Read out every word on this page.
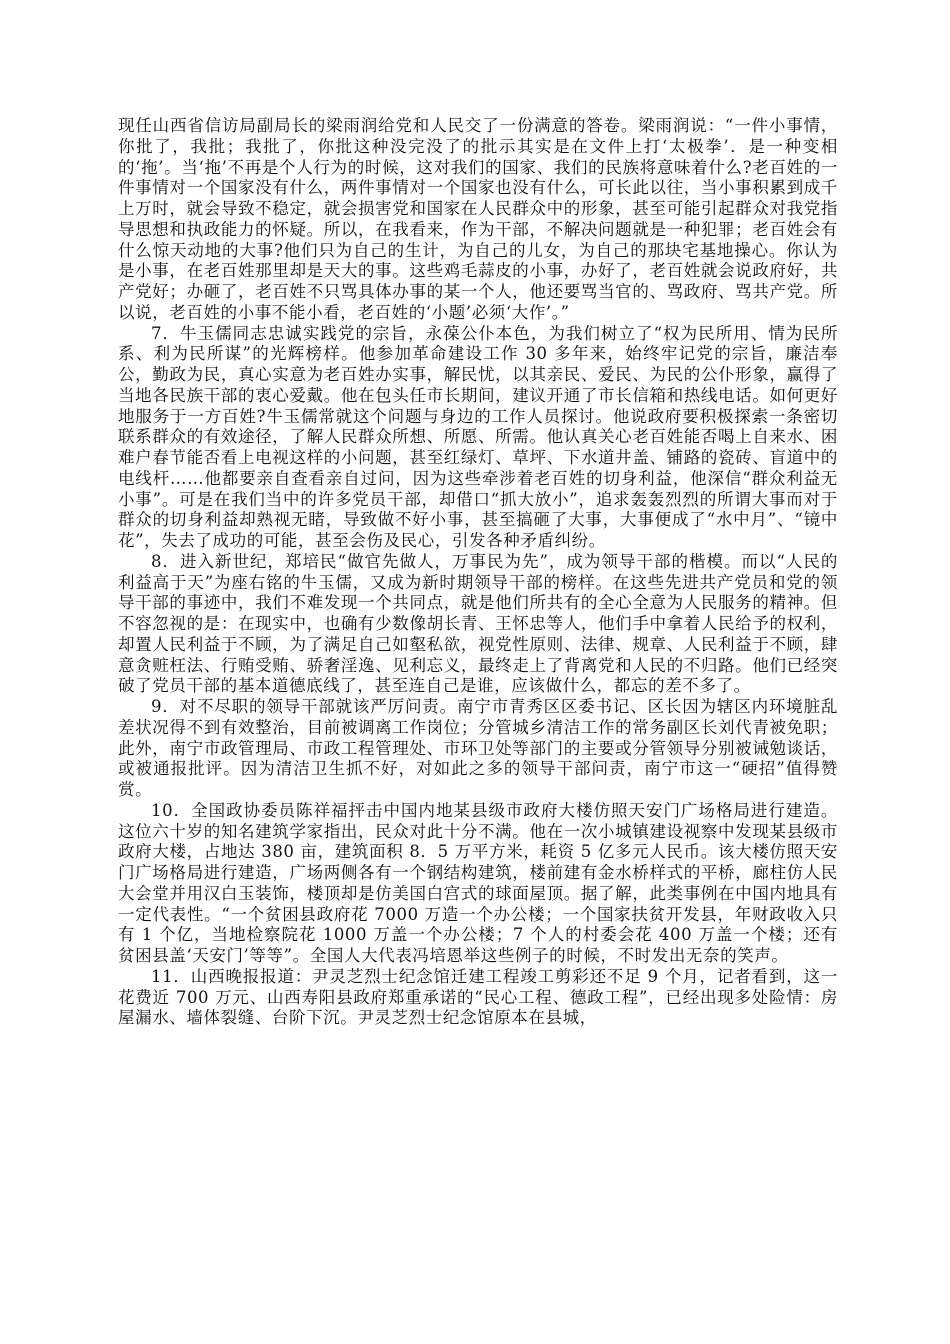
现任山西省信访局副局长的梁雨润给党和人民交了一份满意的答卷。梁雨润说：“一件小事情，你批了，我批；我批了，你批这种没完没了的批示其实是在文件上打‘太极拳’．是一种变相的‘拖’。当‘拖’不再是个人行为的时候，这对我们的国家、我们的民族将意味着什么?老百姓的一件事情对一个国家没有什么，两件事情对一个国家也没有什么，可长此以往，当小事积累到成千上万时，就会导致不稳定，就会损害党和国家在人民群众中的形象，甚至可能引起群众对我党指导思想和执政能力的怀疑。所以，在我看来，作为干部，不解决问题就是一种犯罪；老百姓会有什么惊天动地的大事?他们只为自己的生计，为自己的儿女，为自己的那块宅基地操心。你认为是小事，在老百姓那里却是天大的事。这些鸡毛蒜皮的小事，办好了，老百姓就会说政府好，共产党好；办砸了，老百姓不只骂具体办事的某一个人，他还要骂当官的、骂政府、骂共产党。所以说，老百姓的小事不能小看，老百姓的‘小题’必须‘大作’。”

7．牛玉儒同志忠诚实践党的宗旨，永葆公仆本色，为我们树立了“权为民所用、情为民所系、利为民所谋”的光辉榜样。他参加革命建设工作 30 多年来，始终牢记党的宗旨，廉洁奉公，勤政为民，真心实意为老百姓办实事，解民忧，以其亲民、爱民、为民的公仆形象，赢得了当地各民族干部的衷心爱戴。他在包头任市长期间，建议开通了市长信箱和热线电话。如何更好地服务于一方百姓?牛玉儒常就这个问题与身边的工作人员探讨。他说政府要积极探索一条密切联系群众的有效途径，了解人民群众所想、所愿、所需。他认真关心老百姓能否喝上自来水、困难户春节能否看上电视这样的小问题，甚至红绿灯、草坪、下水道井盖、铺路的瓷砖、盲道中的电线杆……他都要亲自查看亲自过问，因为这些牵涉着老百姓的切身利益，他深信“群众利益无小事”。可是在我们当中的许多党员干部，却借口“抓大放小”，追求轰轰烈烈的所谓大事而对于群众的切身利益却熟视无睹，导致做不好小事，甚至搞砸了大事，大事便成了“水中月”、“镜中花”，失去了成功的可能，甚至会伤及民心，引发各种矛盾纠纷。

8．进入新世纪，郑培民“做官先做人，万事民为先”，成为领导干部的楷模。而以“人民的利益高于天”为座右铭的牛玉儒，又成为新时期领导干部的榜样。在这些先进共产党员和党的领导干部的事迹中，我们不难发现一个共同点，就是他们所共有的全心全意为人民服务的精神。但不容忽视的是：在现实中，也确有少数像胡长青、王怀忠等人，他们手中拿着人民给予的权利，却置人民利益于不顾，为了满足自己如壑私欲，视党性原则、法律、规章、人民利益于不顾，肆意贪赃枉法、行贿受贿、骄奢淫逸、见利忘义，最终走上了背离党和人民的不归路。他们已经突破了党员干部的基本道德底线了，甚至连自己是谁，应该做什么，都忘的差不多了。

9．对不尽职的领导干部就该严厉问责。南宁市青秀区区委书记、区长因为辖区内环境脏乱差状况得不到有效整治，目前被调离工作岗位；分管城乡清洁工作的常务副区长刘代青被免职；此外，南宁市政管理局、市政工程管理处、市环卫处等部门的主要或分管领导分别被诫勉谈话，或被通报批评。因为清洁卫生抓不好，对如此之多的领导干部问责，南宁市这一“硬招”值得赞赏。

10．全国政协委员陈祥福抨击中国内地某县级市政府大楼仿照天安门广场格局进行建造。这位六十岁的知名建筑学家指出，民众对此十分不满。他在一次小城镇建设视察中发现某县级市政府大楼，占地达 380 亩，建筑面积 8．5 万平方米，耗资 5 亿多元人民币。该大楼仿照天安门广场格局进行建造，广场两侧各有一个钢结构建筑，楼前建有金水桥样式的平桥，廊柱仿人民大会堂并用汉白玉装饰，楼顶却是仿美国白宫式的球面屋顶。据了解，此类事例在中国内地具有一定代表性。“一个贫困县政府花 7000 万造一个办公楼；一个国家扶贫开发县，年财政收入只有 1 个亿，当地检察院花 1000 万盖一个办公楼；7 个人的村委会花 400 万盖一个楼；还有贫困县盖‘天安门’等等”。全国人大代表冯培恩举这些例子的时候，不时发出无奈的笑声。

11．山西晚报报道：尹灵芝烈士纪念馆迁建工程竣工剪彩还不足 9 个月，记者看到，这一花费近 700 万元、山西寿阳县政府郑重承诺的“民心工程、德政工程”，已经出现多处险情：房屋漏水、墙体裂缝、台阶下沉。尹灵芝烈士纪念馆原本在县城，
